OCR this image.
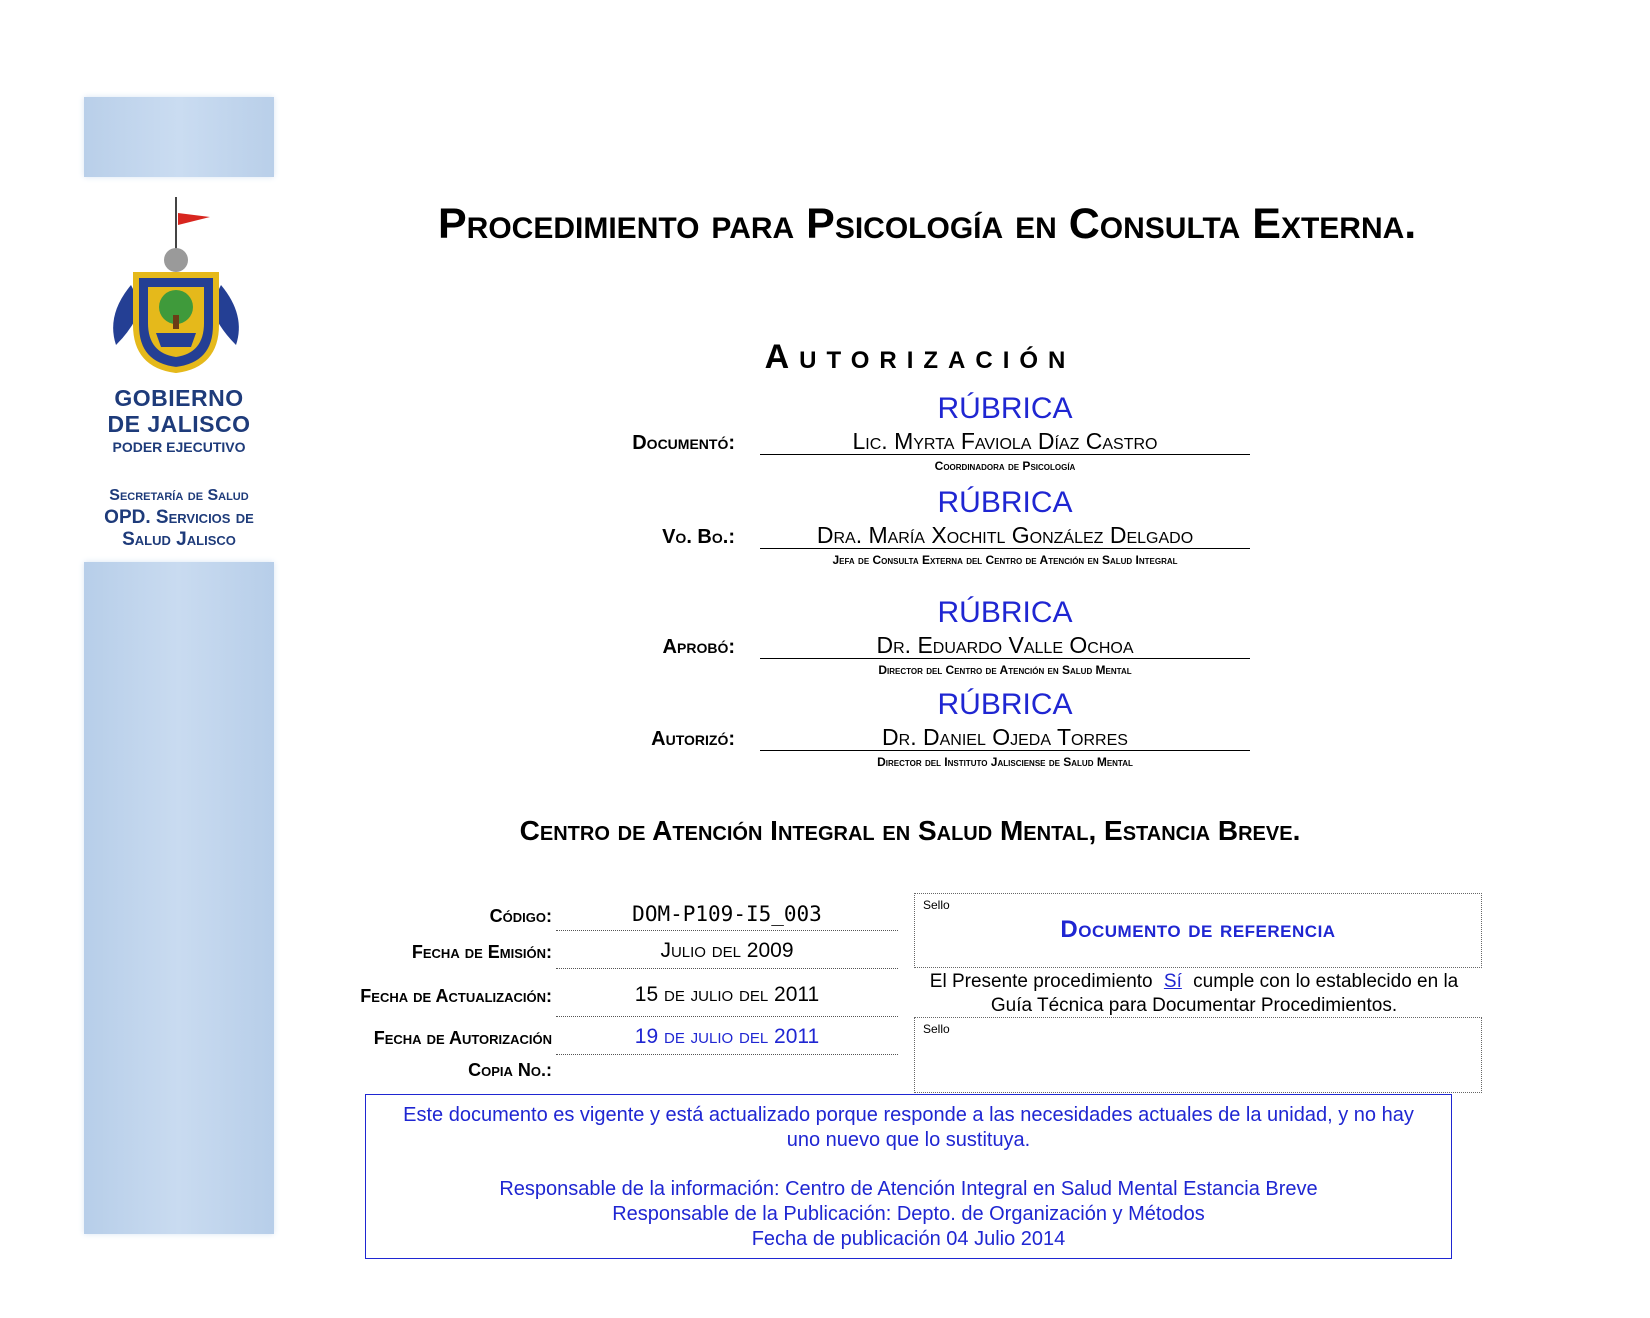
GOBIERNO
DE JALISCO
PODER EJECUTIVO
Secretaría de Salud
OPD. Servicios de
Salud Jalisco
Procedimiento para Psicología en Consulta Externa.
Autorización
RÚBRICA
Documentó:	Lic. Myrta Faviola Díaz Castro
Coordinadora de Psicología
RÚBRICA
Vo. Bo.:	Dra. María Xochitl González Delgado
Jefa de Consulta Externa del Centro de Atención en Salud Integral
RÚBRICA
Aprobó:	Dr. Eduardo Valle Ochoa
Director del Centro de Atención en Salud Mental
RÚBRICA
Autorizó:	Dr. Daniel Ojeda Torres
Director del Instituto Jalisciense de Salud Mental
Centro de Atención Integral en Salud Mental, Estancia Breve.
Código:	DOM-P109-I5_003
Fecha de Emisión:	Julio del 2009
Fecha de Actualización:	15 de julio del 2011
Fecha de Autorización	19 de julio del 2011
Copia No.:
Sello
Documento de referencia
El Presente procedimiento Sí cumple con lo establecido en la Guía Técnica para Documentar Procedimientos.
Sello

Este documento es vigente y está actualizado porque responde a las necesidades actuales de la unidad, y no hay uno nuevo que lo sustituya.

Responsable de la información: Centro de Atención Integral en Salud Mental Estancia Breve

Responsable de la Publicación: Depto. de Organización y Métodos

Fecha de publicación 04 Julio 2014
